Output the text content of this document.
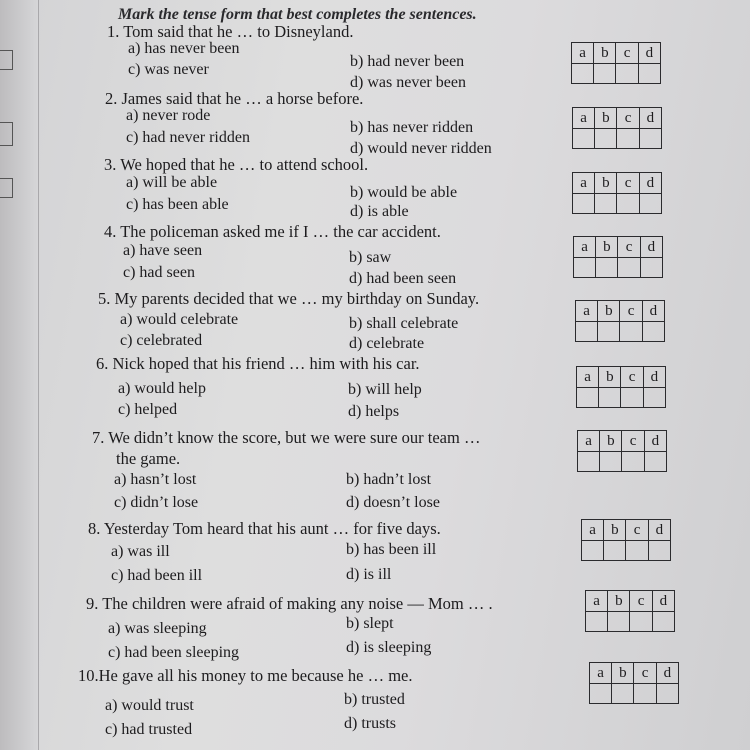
Mark the tense form that best completes the sentences.
1. Tom said that he … to Disneyland.
a) has never been
b) had never been
c) was never
d) was never been
2. James said that he … a horse before.
a) never rode
b) has never ridden
c) had never ridden
d) would never ridden
3. We hoped that he … to attend school.
a) will be able
b) would be able
c) has been able	d) is able
4. The policeman asked me if I … the car accident.
a) have seen	b) saw
c) had seen	d) had been seen
5. My parents decided that we … my birthday on Sunday.
a) would celebrate	b) shall celebrate
c) celebrated	d) celebrate
6. Nick hoped that his friend … him with his car.
a) would help	b) will help
c) helped	d) helps
7. We didn’t know the score, but we were sure our team …
the game.
a) hasn’t lost	b) hadn’t lost
c) didn’t lose	d) doesn’t lose
8. Yesterday Tom heard that his aunt … for five days.
a) was ill	b) has been ill
c) had been ill	d) is ill
9. The children were afraid of making any noise — Mom … .
a) was sleeping	b) slept
c) had been sleeping	d) is sleeping
10.He gave all his money to me because he … me.
a) would trust	b) trusted
c) had trusted	d) trusts
a	b	c	d

a	b	c	d

a	b	c	d

a	b	c	d

a	b	c	d

a	b	c	d

a	b	c	d

a	b	c	d

a	b	c	d

a	b	c	d
